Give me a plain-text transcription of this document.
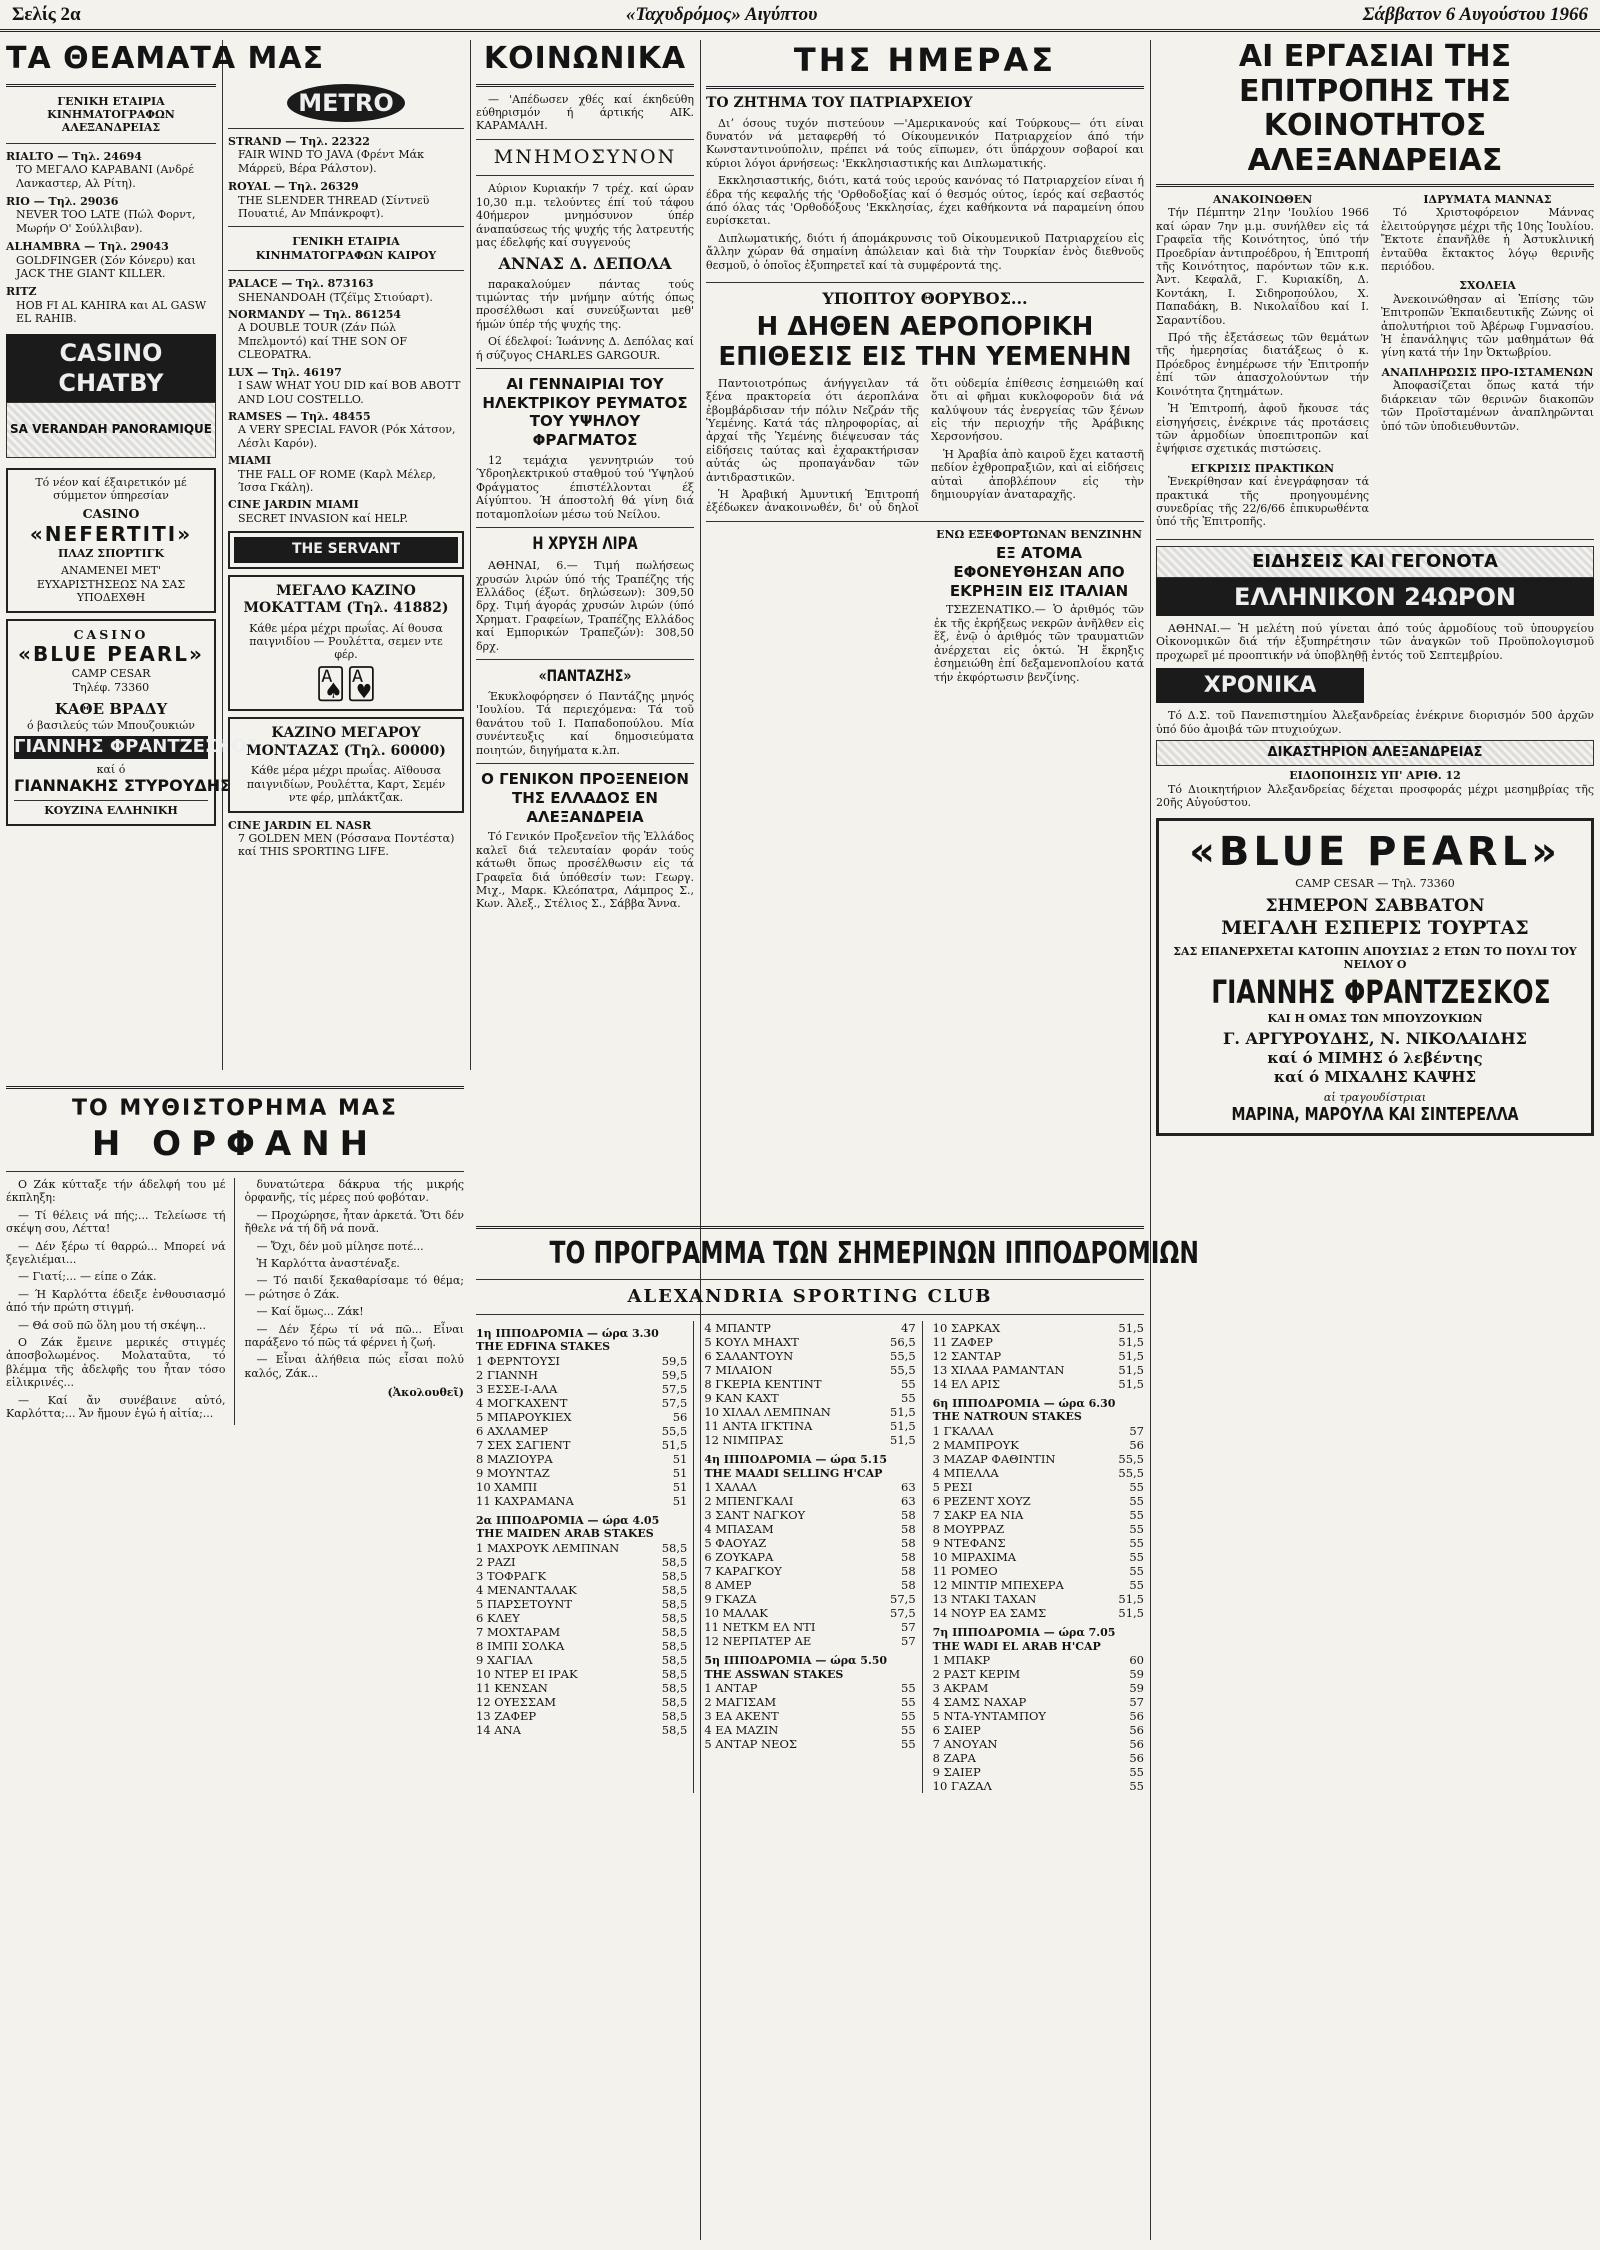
Σελίς 2α	«Ταχυδρόμος» Αιγύπτου	Σάββατον 6 Αυγούστου 1966
ΤΑ ΘΕΑΜΑΤΑ ΜΑΣ
ΓΕΝΙΚΗ ΕΤΑΙΡΙΑ ΚΙΝΗΜΑΤΟΓΡΑΦΩΝ ΑΛΕΞΑΝΔΡΕΙΑΣ
RIALTO — Τηλ. 24694
ΤΟ ΜΕΓΑΛΟ ΚΑΡΑΒΑΝΙ (Ανδρέ Λανκαστερ, Αλ Ρίτη).
RIO — Τηλ. 29036
NEVER TOO LATE (Πώλ Φορντ, Μωρήν Ο' Σούλλιβαν).
ALHAMBRA — Τηλ. 29043
GOLDFINGER (Σόν Κόνερυ) και JACK THE GIANT KILLER.
RITZ
HOB FI AL KAHIRA και AL GASW EL RAHIB.
CASINO CHATBY
SA VERANDAH PANORAMIQUE
Τό νέον καί έξαιρετικόν μέ σύμμετον ύπηρεσίαν
CASINO
«NEFERTITI»
ΠΛΑΖ ΣΠΟΡΤΙΓΚ
ΑΝΑΜΕΝΕΙ ΜΕΤ' ΕΥΧΑΡΙΣΤΗΣΕΩΣ ΝΑ ΣΑΣ ΥΠΟΔΕΧΘΗ
CASINO
«BLUE PEARL»
CAMP CESAR
Τηλέφ. 73360
ΚΑΘΕ ΒΡΑΔΥ
ό βασιλεύς τών Μπουζουκιών
ΓΙΑΝΝΗΣ ΦΡΑΝΤΖΕΣΚΟΣ
καί ό
ΓΙΑΝΝΑΚΗΣ ΣΤΥΡΟΥΔΗΣ
ΚΟΥΖΙΝΑ ΕΛΛΗΝΙΚΗ
METRO
STRAND — Τηλ. 22322
FAIR WIND TO JAVA (Φρέντ Μάκ Μάρρεϋ, Βέρα Ράλστον).
ROYAL — Τηλ. 26329
THE SLENDER THREAD (Σίντνεϋ Πουατιέ, Αν Μπάνκροφτ).
ΓΕΝΙΚΗ ΕΤΑΙΡΙΑ ΚΙΝΗΜΑΤΟΓΡΑΦΩΝ ΚΑΙΡΟΥ
PALACE — Τηλ. 873163
SHENANDOAH (Τζέϊμς Στιούαρτ).
NORMANDY — Τηλ. 861254
A DOUBLE TOUR (Ζάν Πώλ Μπελμοντό) καί THE SON OF CLEOPATRA.
LUX — Τηλ. 46197
I SAW WHAT YOU DID καί BOB ABOTT AND LOU COSTELLO.
RAMSES — Τηλ. 48455
A VERY SPECIAL FAVOR (Ρόκ Χάτσον, Λέσλι Καρόν).
MIAMI
THE FALL OF ROME (Καρλ Μέλερ, Ίσσα Γκάλη).
CINE JARDIN MIAMI
SECRET INVASION καί HELP.
THE SERVANT
ΜΕΓΑΛΟ ΚΑΖΙΝΟ ΜΟΚΑΤΤΑΜ (Τηλ. 41882)
Κάθε μέρα μέχρι πρωΐας. Αί θουσα παιγνιδίου — Ρουλέττα, σεμεν ντε φέρ.
🂡🂱
ΚΑΖΙΝΟ ΜΕΓΑΡΟΥ ΜΟΝΤΑΖΑΣ (Τηλ. 60000)
Κάθε μέρα μέχρι πρωΐας. Αϊθουσα παιγνιδίων, Ρουλέττα, Καρτ, Σεμέν ντε φέρ, μπλάκτζακ.
CINE JARDIN EL NASR
7 GOLDEN MEN (Ρόσσανα Ποντέστα) καί THIS SPORTING LIFE.
ΚΟΙΝΩΝΙΚΑ
— 'Απέδωσεν χθές καί έκηδεύθη εύθηρισμόν ή άρτικής ΑΙΚ. ΚΑΡΑΜΑΛΗ.
ΜΝΗΜΟΣΥΝΟΝ
Αύριον Κυριακήν 7 τρέχ. καί ώραν 10,30 π.μ. τελούντες έπί τού τάφου 40ήμερον μνημόσυνον ύπέρ άναπαύσεως τής ψυχής τής λατρευτής μας έδελφής καί συγγενούς
ΑΝΝΑΣ Δ. ΔΕΠΟΛΑ
παρακαλούμεν πάντας τούς τιμώντας τήν μνήμην αύτής όπως προσέλθωσι καί συνεύξωνται μεθ' ήμών ύπέρ τής ψυχής της.
Οί έδελφοί: Ίωάννης Δ. Δεπόλας καί ή σύζυγος CHARLES GARGOUR.
ΑΙ ΓΕΝΝΑΙΡΙΑΙ ΤΟΥ ΗΛΕΚΤΡΙΚΟΥ ΡΕΥΜΑΤΟΣ ΤΟΥ ΥΨΗΛΟΥ ΦΡΑΓΜΑΤΟΣ
12 τεμάχια γεννητριών τού Ύδροηλεκτρικού σταθμού τού 'Υψηλού Φράγματος έπιστέλλονται έξ Αίγύπτου. Ή άποστολή θά γίνη διά ποταμοπλοίων μέσω τού Νείλου.
Η ΧΡΥΣΗ ΛΙΡΑ
ΑΘΗΝΑΙ, 6.— Τιμή πωλήσεως χρυσών λιρών ύπό τής Τραπέζης τής Ελλάδος (έξωτ. δηλώσεων): 309,50 δρχ. Τιμή άγοράς χρυσών λιρών (ύπό Χρηματ. Γραφείων, Τραπέζης Ελλάδος καί Εμπορικών Τραπεζών): 308,50 δρχ.
«ΠΑΝΤΑΖΗΣ»
Έκυκλοφόρησεν ό Παντάζης μηνός 'Ιουλίου. Τά περιεχόμενα: Τά τοῦ θανάτου τοῦ Ι. Παπαδοπούλου. Μία συνέντευξις καί δημοσιεύματα ποιητών, διηγήματα κ.λπ.
Ο ΓΕΝΙΚΟΝ ΠΡΟΞΕΝΕΙΟΝ ΤΗΣ ΕΛΛΑΔΟΣ ΕΝ ΑΛΕΞΑΝΔΡΕΙΑ
Τό Γενικόν Προξενεῖον τῆς Ἑλλάδος καλεῖ διά τελευταίαν φοράν τούς κάτωθι ὅπως προσέλθωσιν εἰς τά Γραφεῖα διά ὑπόθεσίν των: Γεωργ. Μιχ., Μαρκ. Κλεόπατρα, Λάμπρος Σ., Κων. Ἀλεξ., Στέλιος Σ., Σάββα Ἄννα.
ΤΗΣ ΗΜΕΡΑΣ
ΤΟ ΖΗΤΗΜΑ ΤΟΥ ΠΑΤΡΙΑΡΧΕΙΟΥ

Διʼ όσους τυχόν πιστεύουν —'Αμερικανούς καί Τούρκους— ότι είναι δυνατόν νά μεταφερθή τό Οίκουμενικόν Πατριαρχείον άπό τήν Κωνσταντινούπολιν, πρέπει νά τούς εϊπωμεν, ότι ΰπάρχουν σοβαροί και κύριοι λόγοι άρνήσεως: 'Εκκλησιαστικής και Διπλωματικής.

Εκκλησιαστικής, διότι, κατά τούς ιερούς κανόνας τό Πατριαρχείον είναι ή έδρα τής κεφαλής τής 'Ορθοδοξίας καί ό θεσμός ούτος, ίερός καί σεβαστός άπό όλας τάς 'Ορθοδόξους 'Εκκλησίας, έχει καθήκοντα νά παραμείνη όπου ευρίσκεται.

Διπλωματικής, διότι ή άπομάκρυνσις τοῦ Οἰκουμενικοῦ Πατριαρχείου εἰς ἄλλην χώραν θά σημαίνη ἀπώλειαν καὶ διὰ τὴν Τουρκίαν ἑνὸς διεθνοῦς θεσμοῦ, ὁ ὁποῖος ἐξυπηρετεῖ καί τὰ συμφέροντά της.

ΥΠΟΠΤΟΥ ΘΟΡΥΒΟΣ...
Η ΔΗΘΕΝ ΑΕΡΟΠΟΡΙΚΗ ΕΠΙΘΕΣΙΣ ΕΙΣ ΤΗΝ ΥΕΜΕΝΗΝ

Παντοιοτρόπως άνήγγειλαν τά ξένα πρακτορεία ότι άεροπλάνα ἐβομβάρδισαν τήν πόλιν Νεζράν τῆς Ὑεμένης. Κατά τάς πληροφορίας, αἱ ἀρχαί τῆς Ὑεμένης διέψευσαν τάς εἰδήσεις ταύτας καὶ ἐχαρακτήρισαν αὐτάς ὡς προπαγάνδαν τῶν ἀντιδραστικῶν.

Ἡ Ἀραβική Ἀμυντική Ἐπιτροπή ἐξέδωκεν ἀνακοινωθέν, δι' οὗ δηλοῖ ὅτι οὐδεμία ἐπίθεσις ἐσημειώθη καί ὅτι αἱ φῆμαι κυκλοφοροῦν διά νά καλύψουν τάς ἐνεργείας τῶν ξένων εἰς τήν περιοχήν τῆς Ἀράβικης Χερσονήσου.

Ἡ Ἀραβία ἀπὸ καιροῦ ἔχει καταστῆ πεδίον ἐχθροπραξιῶν, καὶ αἱ εἰδήσεις αὐταὶ ἀποβλέπουν εἰς τὴν δημιουργίαν ἀναταραχῆς.

ΕΝΩ ΕΞΕΦΟΡΤΩΝΑΝ ΒΕΝΖΙΝΗΝ
ΕΞ ΑΤΟΜΑ ΕΦΟΝΕΥΘΗΣΑΝ ΑΠΟ ΕΚΡΗΞΙΝ ΕΙΣ ΙΤΑΛΙΑΝ

ΤΣΕΖΕΝΑΤΙΚΟ.— Ὁ ἀριθμός τῶν ἐκ τῆς ἐκρήξεως νεκρῶν ἀνῆλθεν εἰς ἕξ, ἐνῷ ὁ ἀριθμός τῶν τραυματιῶν ἀνέρχεται εἰς ὀκτώ. Ἡ ἔκρηξις ἐσημειώθη ἐπί δεξαμενοπλοίου κατά τήν ἐκφόρτωσιν βενζίνης.

ΑΙ ΕΡΓΑΣΙΑΙ ΤΗΣ ΕΠΙΤΡΟΠΗΣ ΤΗΣ ΚΟΙΝΟΤΗΤΟΣ ΑΛΕΞΑΝΔΡΕΙΑΣ
ΑΝΑΚΟΙΝΩΘΕΝ

Τήν Πέμπτην 21ην 'Ιουλίου 1966 καί ώραν 7ην μ.μ. συνήλθεν εἰς τά Γραφεῖα τῆς Κοινότητος, ὑπό τήν Προεδρίαν ἀντιπροέδρου, ἡ Ἐπιτροπή τῆς Κοινότητος, παρόντων τῶν κ.κ. Ἀντ. Κεφαλᾶ, Γ. Κυριακίδη, Δ. Κοντάκη, Ι. Σιδηροπούλου, Χ. Παπαδάκη, Β. Νικολαΐδου καί Ι. Σαραντίδου.

Πρό τῆς ἐξετάσεως τῶν θεμάτων τῆς ἡμερησίας διατάξεως ὁ κ. Πρόεδρος ἐνημέρωσε τήν Ἐπιτροπήν ἐπί τῶν ἀπασχολούντων τήν Κοινότητα ζητημάτων.

Ἡ Ἐπιτροπή, ἀφοῦ ἤκουσε τάς εἰσηγήσεις, ἐνέκρινε τάς προτάσεις τῶν ἁρμοδίων ὑποεπιτροπῶν καί ἐψήφισε σχετικάς πιστώσεις.

ΕΓΚΡΙΣΙΣ ΠΡΑΚΤΙΚΩΝ

Ἐνεκρίθησαν καί ἐνεγράφησαν τά πρακτικά τῆς προηγουμένης συνεδρίας τῆς 22/6/66 ἐπικυρωθέντα ὑπό τῆς Ἐπιτροπῆς.

ΙΔΡΥΜΑΤΑ ΜΑΝΝΑΣ

Τό Χριστοφόρειον Μάννας ἐλειτούργησε μέχρι τῆς 10ης Ἰουλίου. Ἔκτοτε ἐπανῆλθε ἡ Ἀστυκλινική ἐνταῦθα ἔκτακτος λόγῳ θερινῆς περιόδου.

ΣΧΟΛΕΙΑ

Ἀνεκοινώθησαν αἱ Ἐπίσης τῶν Ἐπιτροπῶν Ἐκπαιδευτικῆς Ζώνης οἱ ἀπολυτήριοι τοῦ Ἀβέρωφ Γυμνασίου. Ἡ ἐπανάληψις τῶν μαθημάτων θά γίνη κατά τήν 1ην Ὀκτωβρίου.

ΑΝΑΠΛΗΡΩΣΙΣ ΠΡΟ-ΙΣΤΑΜΕΝΩΝ

Ἀποφασίζεται ὅπως κατά τήν διάρκειαν τῶν θερινῶν διακοπῶν τῶν Προϊσταμένων ἀναπληρῶνται ὑπό τῶν ὑποδιευθυντῶν.

ΕΙΔΗΣΕΙΣ ΚΑΙ ΓΕΓΟΝΟΤΑ
ΕΛΛΗΝΙΚΟΝ 24ΩΡΟΝ

ΑΘΗΝΑΙ.— Ἡ μελέτη πού γίνεται ἀπό τούς ἁρμοδίους τοῦ ὑπουργείου Οἰκονομικῶν διά τήν ἐξυπηρέτησιν τῶν ἀναγκῶν τοῦ Προϋπολογισμοῦ προχωρεῖ μέ προοπτικήν νά ὑποβληθῇ ἐντός τοῦ Σεπτεμβρίου.

ΧΡΟΝΙΚΑ

Τό Δ.Σ. τοῦ Πανεπιστημίου Ἀλεξανδρείας ἐνέκρινε διορισμόν 500 ἀρχῶν ὑπό δύο ἀμοιβά τῶν πτυχιούχων.

ΔΙΚΑΣΤΗΡΙΟΝ ΑΛΕΞΑΝΔΡΕΙΑΣ
ΕΙΔΟΠΟΙΗΣΙΣ ΥΠ' ΑΡΙΘ. 12

Τό Διοικητήριον Ἀλεξανδρείας δέχεται προσφοράς μέχρι μεσημβρίας τῆς 20ῆς Αὐγούστου.

«BLUE PEARL»
CAMP CESAR — Τηλ. 73360
ΣΗΜΕΡΟΝ ΣΑΒΒΑΤΟΝ
ΜΕΓΑΛΗ ΕΣΠΕΡΙΣ ΤΟΥΡΤΑΣ
ΣΑΣ ΕΠΑΝΕΡΧΕΤΑΙ ΚΑΤΟΠΙΝ ΑΠΟΥΣΙΑΣ 2 ΕΤΩΝ ΤΟ ΠΟΥΛΙ ΤΟΥ ΝΕΙΛΟΥ Ο
ΓΙΑΝΝΗΣ ΦΡΑΝΤΖΕΣΚΟΣ
ΚΑΙ Η ΟΜΑΣ ΤΩΝ ΜΠΟΥΖΟΥΚΙΩΝ
Γ. ΑΡΓΥΡΟΥΔΗΣ, Ν. ΝΙΚΟΛΑΙΔΗΣ
καί ό ΜΙΜΗΣ ό λεβέντης
καί ό ΜΙΧΑΛΗΣ ΚΑΨΗΣ
αἱ τραγουδίστριαι
ΜΑΡΙΝΑ, ΜΑΡΟΥΛΑ ΚΑΙ ΣΙΝΤΕΡΕΛΛΑ
ΤΟ ΜΥΘΙΣΤΟΡΗΜΑ ΜΑΣ
Η ΟΡΦΑΝΗ

Ο Ζάκ κύτταξε τήν άδελφή του μέ έκπληξη:

— Τί θέλεις νά πής;... Τελείωσε τή σκέψη σου, Λέττα!

— Δέν ξέρω τί θαρρώ... Μπορεί νά ξεγελιέμαι...

— Γιατί;... — είπε ο Ζάκ.

— Ή Καρλόττα έδειξε ἐνθουσιασμό ἀπό τήν πρώτη στιγμή.

— Θά σοῦ πῶ ὅλη μου τή σκέψη...

Ο Ζάκ ἔμεινε μερικές στιγμές ἀποσβολωμένος. Μολαταῦτα, τό βλέμμα τῆς ἀδελφῆς του ἦταν τόσο εἰλικρινές...

— Καί ἄν συνέβαινε αὐτό, Καρλόττα;... Ἄν ἤμουν ἐγώ ἡ αἰτία;...

δυνατώτερα δάκρυα τής μικρής ὀρφανῆς, τίς μέρες πού φοβόταν.

— Προχώρησε, ἦταν ἀρκετά. Ὅτι δέν ἤθελε νά τή δῆ νά πονᾶ.

— Ὄχι, δέν μοῦ μίλησε ποτέ...

Ἡ Καρλόττα ἀναστέναξε.

— Τό παιδί ξεκαθαρίσαμε τό θέμα; — ρώτησε ὁ Ζάκ.

— Καί ὅμως... Ζάκ!

— Δέν ξέρω τί νά πῶ... Εἶναι παράξενο τό πῶς τά φέρνει ἡ ζωή.

— Εἶναι ἀλήθεια πώς εἶσαι πολύ καλός, Ζάκ...

(Ἀκολουθεῖ)

ΤΟ ΠΡΟΓΡΑΜΜΑ ΤΩΝ ΣΗΜΕΡΙΝΩΝ ΙΠΠΟΔΡΟΜΙΩΝ
ALEXANDRIA SPORTING CLUB
1η ΙΠΠΟΔΡΟΜΙΑ — ώρα 3.30
THE EDFINA STAKES
1 ΦΕΡΝΤΟΥΣΙ	59,5
2 ΓΙΑΝΝΗ	59,5
3 ΕΣΣΕ-Ι-ΑΛΑ	57,5
4 ΜΟΓΚΑΧΕΝΤ	57,5
5 ΜΠΑΡΟΥΚΙΕΧ	56
6 ΑΧΛΑΜΕΡ	55,5
7 ΣΕΧ ΣΑΓΙΕΝΤ	51,5
8 ΜΑΖΙΟΥΡΑ	51
9 ΜΟΥΝΤΑΖ	51
10 ΧΑΜΠΙ	51
11 ΚΑΧΡΑΜΑΝΑ	51
2α ΙΠΠΟΔΡΟΜΙΑ — ώρα 4.05
THE MAIDEN ARAB STAKES
1 ΜΑΧΡΟΥΚ ΛΕΜΠΝΑΝ	58,5
2 ΡΑΖΙ	58,5
3 ΤΟΦΡΑΓΚ	58,5
4 ΜΕΝΑΝΤΑΛΑΚ	58,5
5 ΠΑΡΣΕΤΟΥΝΤ	58,5
6 ΚΛΕΥ	58,5
7 ΜΟΧΤΑΡΑΜ	58,5
8 ΙΜΠΙ ΣΟΛΚΑ	58,5
9 ΧΑΓΙΑΛ	58,5
10 ΝΤΕΡ ΕΙ ΙΡΑΚ	58,5
11 ΚΕΝΣΑΝ	58,5
12 ΟΥΕΣΣΑΜ	58,5
13 ΖΑΦΕΡ	58,5
14 ΑΝΑ	58,5
4 ΜΠΑΝΤΡ	47
5 ΚΟΥΛ ΜΗΑΧΤ	56,5
6 ΣΑΛΑΝΤΟΥΝ	55,5
7 ΜΙΛΑΙΟΝ	55,5
8 ΓΚΕΡΙΑ ΚΕΝΤΙΝΤ	55
9 ΚΑΝ ΚΑΧΤ	55
10 ΧΙΛΑΛ ΛΕΜΠΝΑΝ	51,5
11 ΑΝΤΑ ΙΓΚΤΙΝΑ	51,5
12 ΝΙΜΠΡΑΣ	51,5
4η ΙΠΠΟΔΡΟΜΙΑ — ώρα 5.15
THE MAADI SELLING H'CAP
1 ΧΑΛΑΛ	63
2 ΜΠΕΝΓΚΑΛΙ	63
3 ΣΑΝΤ ΝΑΓΚΟΥ	58
4 ΜΠΑΣΑΜ	58
5 ΦΑΟΥΑΖ	58
6 ΖΟΥΚΑΡΑ	58
7 ΚΑΡΑΓΚΟΥ	58
8 ΑΜΕΡ	58
9 ΓΚΑΖΑ	57,5
10 ΜΑΛΑΚ	57,5
11 ΝΕΤΚΜ ΕΛ ΝΤΙ	57
12 ΝΕΡΠΑΤΕΡ ΑΕ	57
5η ΙΠΠΟΔΡΟΜΙΑ — ώρα 5.50
THE ASSWAN STAKES
1 ΑΝΤΑΡ	55
2 ΜΑΓΙΣΑΜ	55
3 ΕΑ ΑΚΕΝΤ	55
4 ΕΑ ΜΑΖΙΝ	55
5 ΑΝΤΑΡ ΝΕΟΣ	55
10 ΣΑΡΚΑΧ	51,5
11 ΖΑΦΕΡ	51,5
12 ΣΑΝΤΑΡ	51,5
13 ΧΙΛΑΑ ΡΑΜΑΝΤΑΝ	51,5
14 ΕΛ ΑΡΙΣ	51,5
6η ΙΠΠΟΔΡΟΜΙΑ — ώρα 6.30
THE NATROUN STAKES
1 ΓΚΑΛΑΛ	57
2 ΜΑΜΠΡΟΥΚ	56
3 ΜΑΖΑΡ ΦΑΘΙΝΤΙΝ	55,5
4 ΜΠΕΛΛΑ	55,5
5 ΡΕΣΙ	55
6 ΡΕΖΕΝΤ ΧΟΥΖ	55
7 ΣΑΚΡ ΕΑ ΝΙΑ	55
8 ΜΟΥΡΡΑΖ	55
9 ΝΤΕΦΑΝΣ	55
10 ΜΙΡΑΧΙΜΑ	55
11 ΡΟΜΕΟ	55
12 ΜΙΝΤΙΡ ΜΠΕΧΕΡΑ	55
13 ΝΤΑΚΙ ΤΑΧΑΝ	51,5
14 ΝΟΥΡ ΕΑ ΣΑΜΣ	51,5
7η ΙΠΠΟΔΡΟΜΙΑ — ώρα 7.05
THE WADI EL ARAB H'CAP
1 ΜΠΑΚΡ	60
2 ΡΑΣΤ ΚΕΡΙΜ	59
3 ΑΚΡΑΜ	59
4 ΣΑΜΣ ΝΑΧΑΡ	57
5 ΝΤΑ-ΥΝΤΑΜΠΟΥ	56
6 ΣΑΙΕΡ	56
7 ΑΝΟΥΑΝ	56
8 ΖΑΡΑ	56
9 ΣΑΙΕΡ	55
10 ΓΑΖΑΛ	55
